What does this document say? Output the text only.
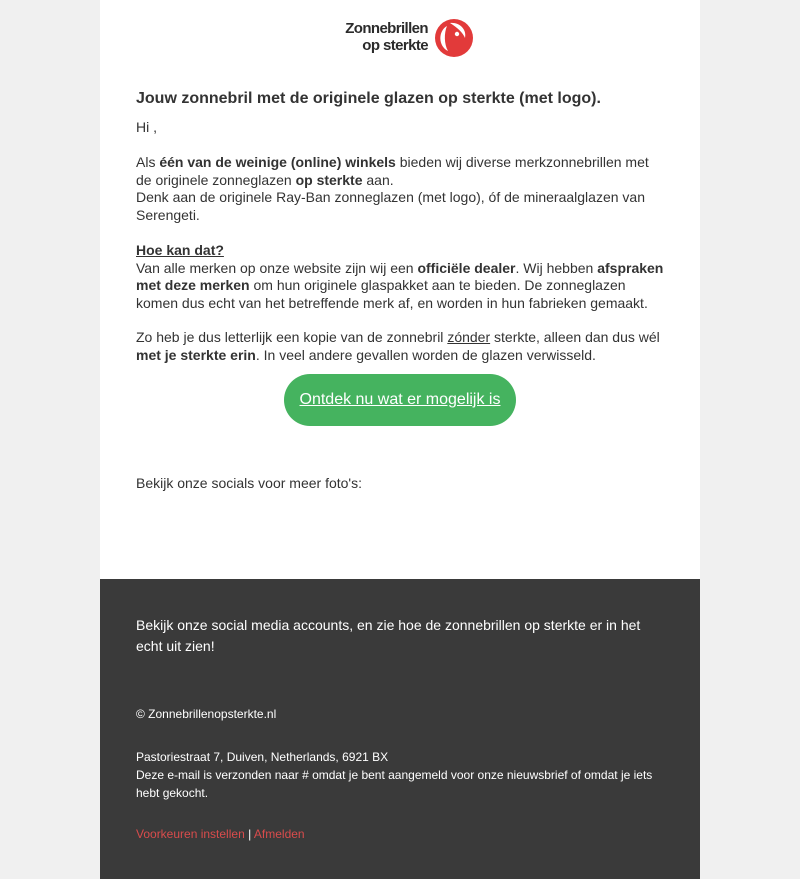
Zonnebrillen
op sterkte
Jouw zonnebril met de originele glazen op sterkte (met logo).

Hi ,

Als één van de weinige (online) winkels bieden wij diverse merkzonnebrillen met de originele zonneglazen op sterkte aan.
Denk aan de originele Ray-Ban zonneglazen (met logo), óf de mineraalglazen van Serengeti.

Hoe kan dat?
Van alle merken op onze website zijn wij een officiële dealer. Wij hebben afspraken met deze merken om hun originele glaspakket aan te bieden. De zonneglazen komen dus echt van het betreffende merk af, en worden in hun fabrieken gemaakt.

Zo heb je dus letterlijk een kopie van de zonnebril zónder sterkte, alleen dan dus wél met je sterkte erin. In veel andere gevallen worden de glazen verwisseld.

Ontdek nu wat er mogelijk is

Bekijk onze socials voor meer foto's:

Bekijk onze social media accounts, en zie hoe de zonnebrillen op sterkte er in het echt uit zien!

© Zonnebrillenopsterkte.nl

Pastoriestraat 7, Duiven, Netherlands, 6921 BX
Deze e-mail is verzonden naar # omdat je bent aangemeld voor onze nieuwsbrief of omdat je iets hebt gekocht.

Voorkeuren instellen | Afmelden
